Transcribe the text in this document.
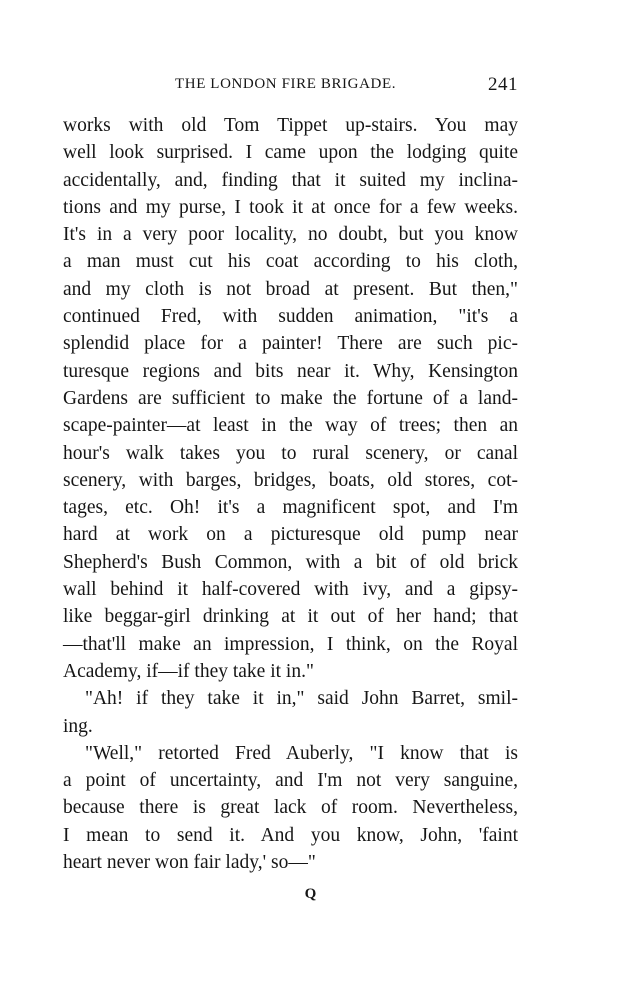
THE LONDON FIRE BRIGADE.	241
works with old Tom Tippet up-stairs. You may
well look surprised. I came upon the lodging quite
accidentally, and, finding that it suited my inclina-
tions and my purse, I took it at once for a few weeks.
It's in a very poor locality, no doubt, but you know
a man must cut his coat according to his cloth,
and my cloth is not broad at present. But then,"
continued Fred, with sudden animation, "it's a
splendid place for a painter! There are such pic-
turesque regions and bits near it. Why, Kensington
Gardens are sufficient to make the fortune of a land-
scape-painter—at least in the way of trees; then an
hour's walk takes you to rural scenery, or canal
scenery, with barges, bridges, boats, old stores, cot-
tages, etc. Oh! it's a magnificent spot, and I'm
hard at work on a picturesque old pump near
Shepherd's Bush Common, with a bit of old brick
wall behind it half-covered with ivy, and a gipsy-
like beggar-girl drinking at it out of her hand; that
—that'll make an impression, I think, on the Royal
Academy, if—if they take it in."
"Ah! if they take it in," said John Barret, smil-
ing.
"Well," retorted Fred Auberly, "I know that is
a point of uncertainty, and I'm not very sanguine,
because there is great lack of room. Nevertheless,
I mean to send it. And you know, John, 'faint
heart never won fair lady,' so—"
Q
